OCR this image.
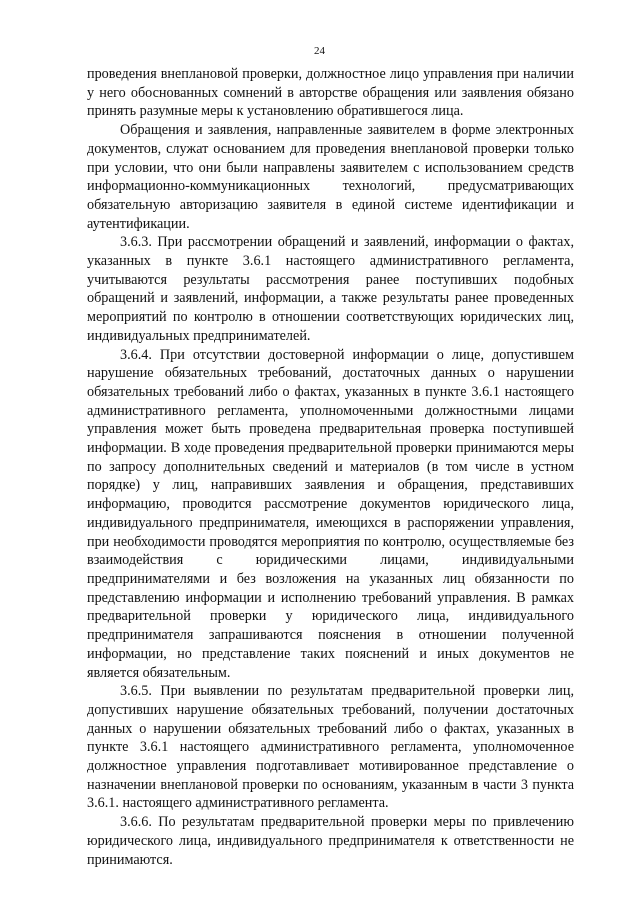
24

проведения внеплановой проверки, должностное лицо управления при наличии у него обоснованных сомнений в авторстве обращения или заявления обязано принять разумные меры к установлению обратившегося лица.

Обращения и заявления, направленные заявителем в форме электронных документов, служат основанием для проведения внеплановой проверки только при условии, что они были направлены заявителем с использованием средств информационно-коммуникационных технологий, предусматривающих обязательную авторизацию заявителя в единой системе идентификации и аутентификации.

3.6.3. При рассмотрении обращений и заявлений, информации о фактах, указанных в пункте 3.6.1 настоящего административного регламента, учитываются результаты рассмотрения ранее поступивших подобных обращений и заявлений, информации, а также результаты ранее проведенных мероприятий по контролю в отношении соответствующих юридических лиц, индивидуальных предпринимателей.

3.6.4. При отсутствии достоверной информации о лице, допустившем нарушение обязательных требований, достаточных данных о нарушении обязательных требований либо о фактах, указанных в пункте 3.6.1 настоящего административного регламента, уполномоченными должностными лицами управления может быть проведена предварительная проверка поступившей информации. В ходе проведения предварительной проверки принимаются меры по запросу дополнительных сведений и материалов (в том числе в устном порядке) у лиц, направивших заявления и обращения, представивших информацию, проводится рассмотрение документов юридического лица, индивидуального предпринимателя, имеющихся в распоряжении управления, при необходимости проводятся мероприятия по контролю, осуществляемые без взаимодействия с юридическими лицами, индивидуальными предпринимателями и без возложения на указанных лиц обязанности по представлению информации и исполнению требований управления. В рамках предварительной проверки у юридического лица, индивидуального предпринимателя запрашиваются пояснения в отношении полученной информации, но представление таких пояснений и иных документов не является обязательным.

3.6.5. При выявлении по результатам предварительной проверки лиц, допустивших нарушение обязательных требований, получении достаточных данных о нарушении обязательных требований либо о фактах, указанных в пункте 3.6.1 настоящего административного регламента, уполномоченное должностное управления подготавливает мотивированное представление о назначении внеплановой проверки по основаниям, указанным в части 3 пункта 3.6.1. настоящего административного регламента.

3.6.6. По результатам предварительной проверки меры по привлечению юридического лица, индивидуального предпринимателя к ответственности не принимаются.
